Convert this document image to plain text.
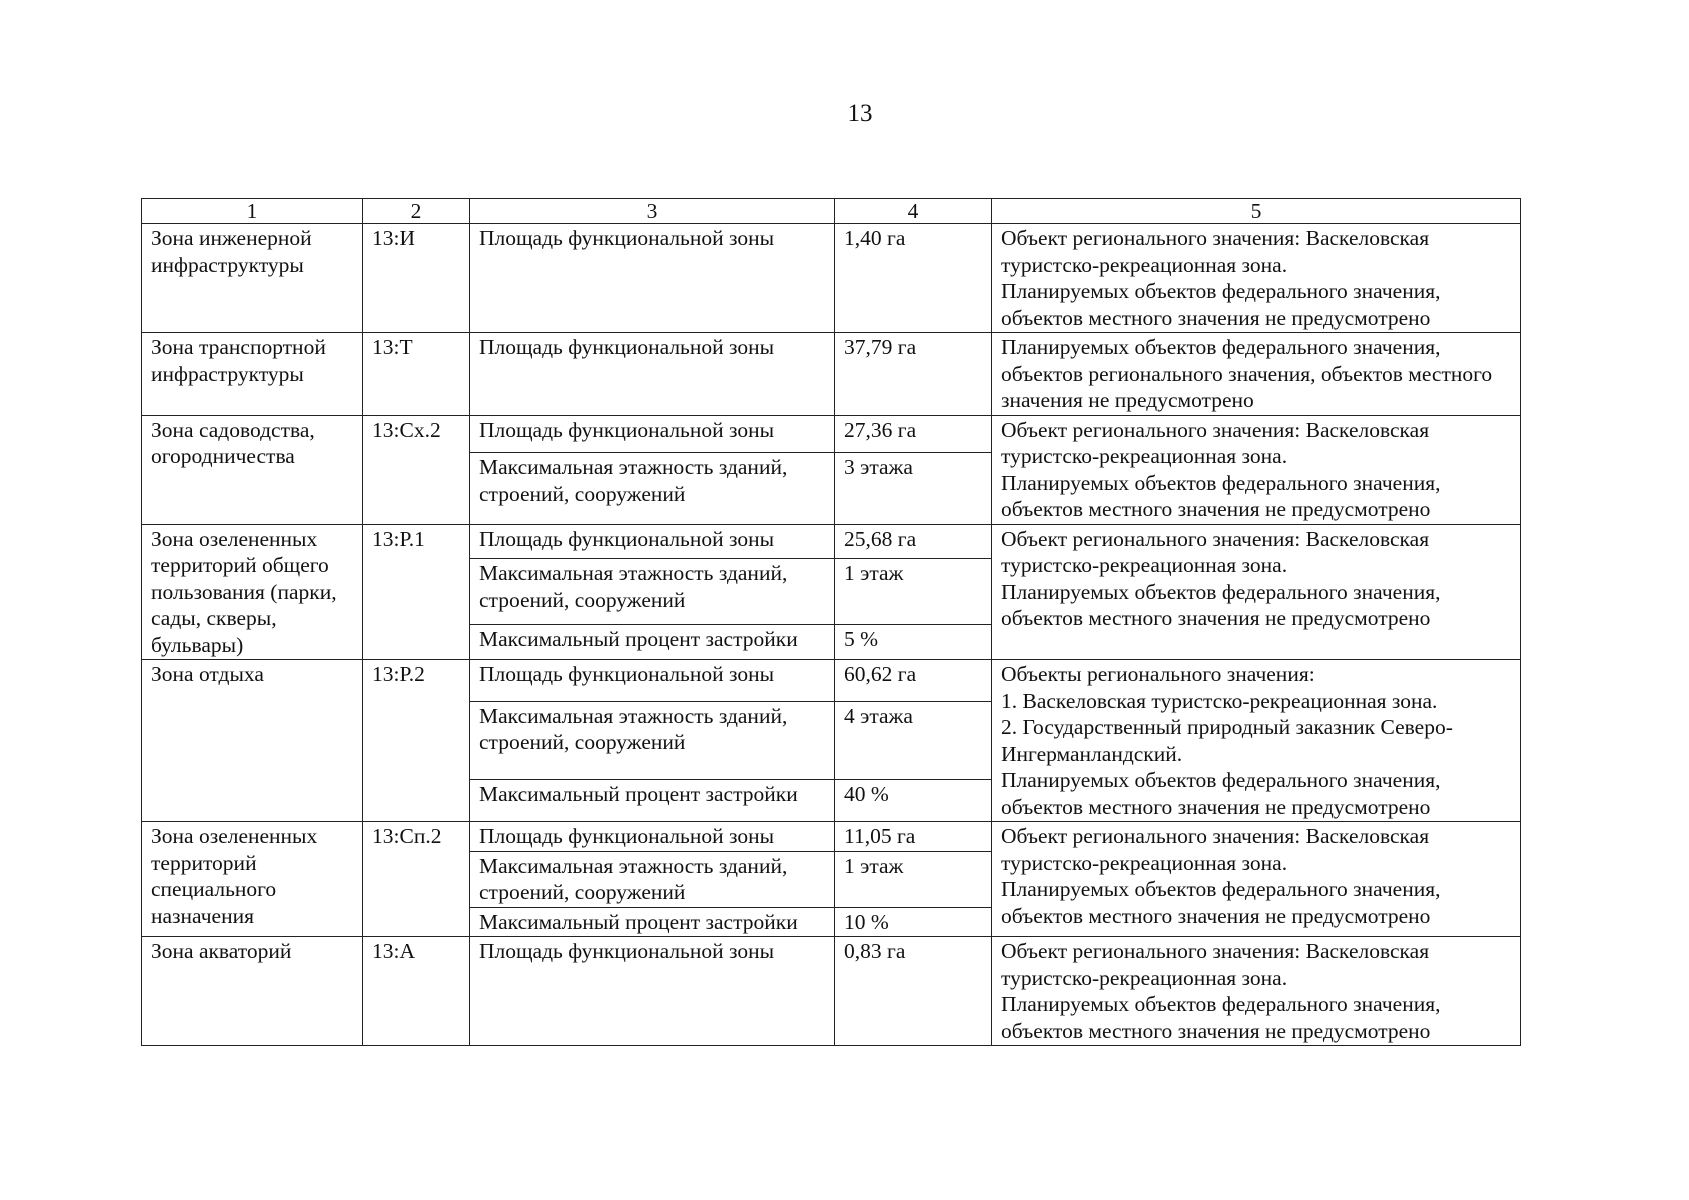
13
1	2	3	4	5
Зона инженерной инфраструктуры	13:И	Площадь функциональной зоны	1,40 га	Объект регионального значения: Васкеловская туристско-рекреационная зона.
Планируемых объектов федерального значения, объектов местного значения не предусмотрено

Зона транспортной инфраструктуры	13:Т	Площадь функциональной зоны	37,79 га	Планируемых объектов федерального значения, объектов регионального значения, объектов местного значения не предусмотрено

Зона садоводства, огородничества	13:Сх.2	Площадь функциональной зоны	27,36 га	Объект регионального значения: Васкеловская туристско-рекреационная зона.
Планируемых объектов федерального значения, объектов местного значения не предусмотрено

		Максимальная этажность зданий, строений, сооружений	3 этажа	
Зона озелененных территорий общего пользования (парки, сады, скверы, бульвары)	13:Р.1	Площадь функциональной зоны	25,68 га	Объект регионального значения: Васкеловская туристско-рекреационная зона.
Планируемых объектов федерального значения, объектов местного значения не предусмотрено

		Максимальная этажность зданий, строений, сооружений	1 этаж	
		Максимальный процент застройки	5 %	
Зона отдыха	13:Р.2	Площадь функциональной зоны	60,62 га	Объекты регионального значения:
1. Васкеловская туристско-рекреационная зона.
2. Государственный природный заказник Северо-Ингерманландский.
Планируемых объектов федерального значения, объектов местного значения не предусмотрено

		Максимальная этажность зданий, строений, сооружений	4 этажа	
		Максимальный процент застройки	40 %	
Зона озелененных территорий специального назначения	13:Сп.2	Площадь функциональной зоны	11,05 га	Объект регионального значения: Васкеловская туристско-рекреационная зона.
Планируемых объектов федерального значения, объектов местного значения не предусмотрено

		Максимальная этажность зданий, строений, сооружений	1 этаж	
		Максимальный процент застройки	10 %	
Зона акваторий	13:А	Площадь функциональной зоны	0,83 га	Объект регионального значения: Васкеловская туристско-рекреационная зона.
Планируемых объектов федерального значения, объектов местного значения не предусмотрено
